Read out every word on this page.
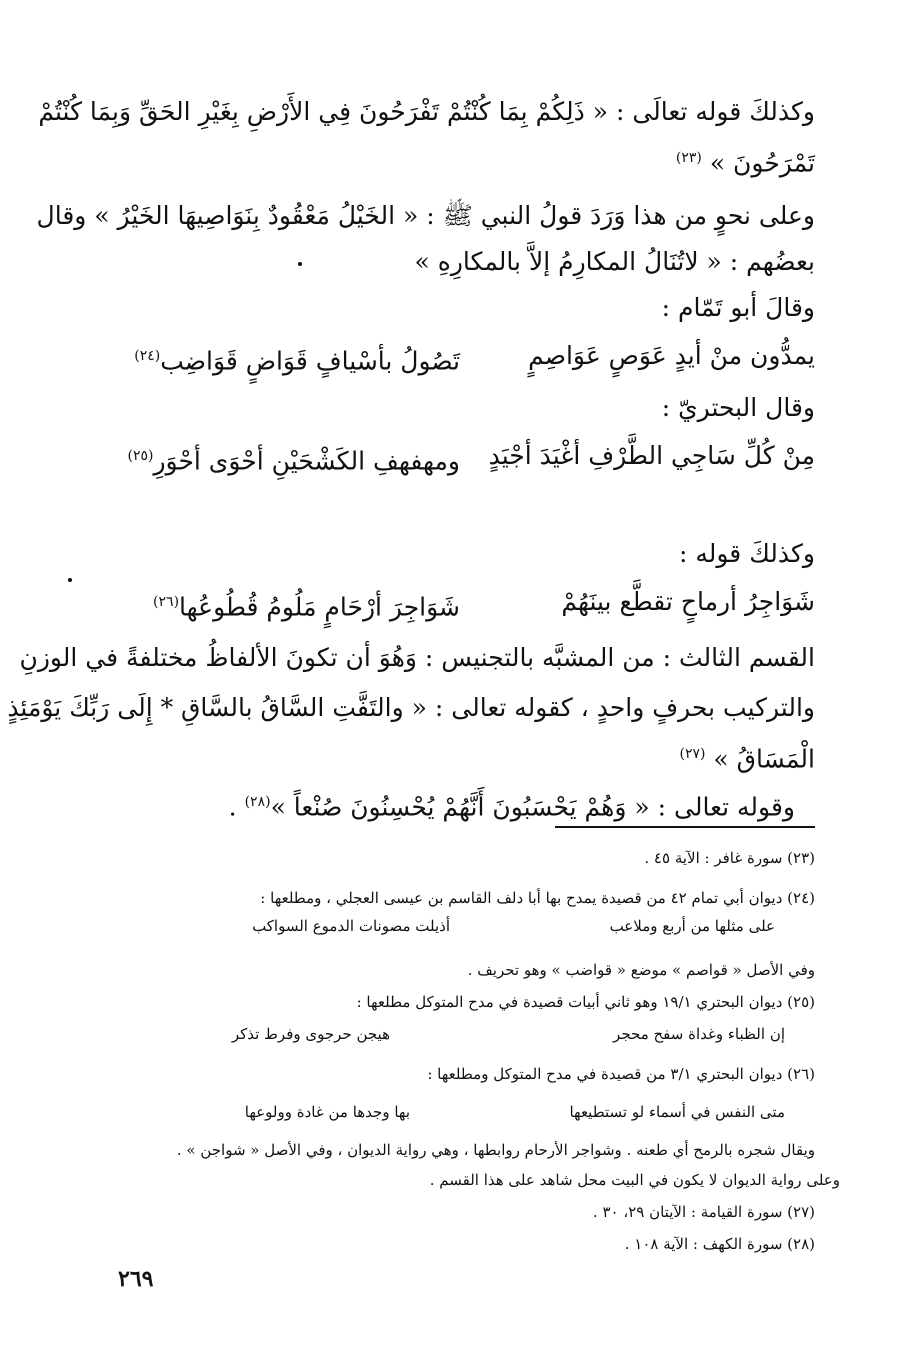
وكذلكَ قوله تعالَى : « ذَلِكُمْ بِمَا كُنْتُمْ تَفْرَحُونَ فِي الأَرْضِ بِغَيْرِ الحَقِّ وَبِمَا كُنْتُمْ
تَمْرَحُونَ » $^{(٢٣)}$
وعلى نحوٍ من هذا وَرَدَ قولُ النبي ﷺ : « الخَيْلُ مَعْقُودٌ بِنَوَاصِيهَا الخَيْرُ » وقال
بعضُهم : « لاتُنَالُ المكارِمُ إلاَّ بالمكارِهِ »
وقالَ أبو تَمّام :
يمدُّون منْ أيدٍ عَوَصٍ عَوَاصِمٍ
تَصُولُ بأسْيافٍ قَوَاضٍ قَوَاضِب$^{(٢٤)}$
وقال البحتريّ :
مِنْ كُلِّ سَاجِي الطَّرْفِ أغْيَدَ أجْيَدٍ
ومهفهفِ الكَشْحَيْنِ أحْوَى أحْوَرِ$^{(٢٥)}$
وكذلكَ قوله :
شَوَاجِرُ أرماحٍ تقطَّع بينَهُمْ
شَوَاجِرَ أرْحَامٍ مَلُومُ قُطُوعُها$^{(٢٦)}$
القسم الثالث : من المشبَّه بالتجنيس : وَهُوَ أن تكونَ الألفاظُ مختلفةً في الوزنِ
والتركيب بحرفٍ واحدٍ ، كقوله تعالى : « والتَفَّتِ السَّاقُ بالسَّاقِ * إِلَى رَبِّكَ يَوْمَئِذٍ
الْمَسَاقُ » $^{(٢٧)}$
وقوله تعالى : « وَهُمْ يَحْسَبُونَ أَنَّهُمْ يُحْسِنُونَ صُنْعاً »$^{(٢٨)}$ .
(٢٣) سورة غافر : الآية ٤٥ .
(٢٤) ديوان أبي تمام ٤٢ من قصيدة يمدح بها أبا دلف القاسم بن عيسى العجلي ، ومطلعها :
على مثلها من أربع وملاعب
أذيلت مصونات الدموع السواكب
وفي الأصل « قواصم » موضع « قواضب » وهو تحريف .
(٢٥) ديوان البحتري ١٩/١ وهو ثاني أبيات قصيدة في مدح المتوكل مطلعها :
إن الظباء وغداة سفح محجر
هيجن حرجوى وفرط تذكر
(٢٦) ديوان البحتري ٣/١ من قصيدة في مدح المتوكل ومطلعها :
متى النفس في أسماء لو تستطيعها
بها وجدها من غادة وولوعها
ويقال شجره بالرمح أي طعنه . وشواجر الأرحام روابطها ، وهي رواية الديوان ، وفي الأصل « شواجن » .
وعلى رواية الديوان لا يكون في البيت محل شاهد على هذا القسم .
(٢٧) سورة القيامة : الآيتان ٢٩، ٣٠ .
(٢٨) سورة الكهف : الآية ١٠٨ .
٢٦٩
